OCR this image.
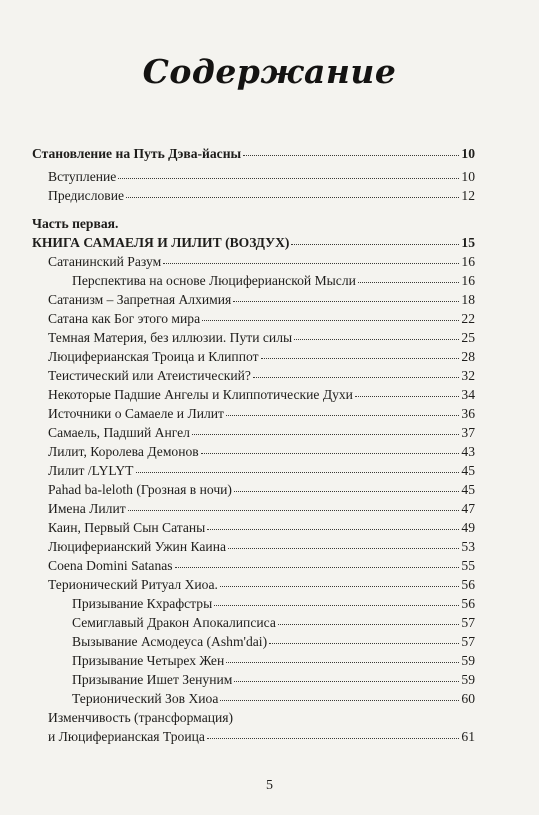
Содержание
Становление на Путь Дэва-йасны	10
Вступление	10
Предисловие	12
Часть первая.
КНИГА САМАЕЛЯ И ЛИЛИТ (ВОЗДУХ)	15
Сатанинский Разум	16
Перспектива на основе Люциферианской Мысли	16
Сатанизм – Запретная Алхимия	18
Сатана как Бог этого мира	22
Темная Материя, без иллюзии. Пути силы	25
Люциферианская Троица и Клиппот	28
Теистический или Атеистический?	32
Некоторые Падшие Ангелы и Клиппотические Духи	34
Источники о Самаеле и Лилит	36
Самаель, Падший Ангел	37
Лилит, Королева Демонов	43
Лилит /LYLYT	45
Pahad ba-leloth (Грозная в ночи)	45
Имена Лилит	47
Каин, Первый Сын Сатаны	49
Люциферианский Ужин Каина	53
Coena Domini Satanas	55
Терионический Ритуал Хиоа.	56
Призывание Кхрафстры	56
Семиглавый Дракон Апокалипсиса	57
Вызывание Асмодеуса (Ashm'dai)	57
Призывание Четырех Жен	59
Призывание Ишет Зенуним	59
Терионический Зов Хиоа	60
Изменчивость (трансформация)
и Люциферианская Троица	61
5
